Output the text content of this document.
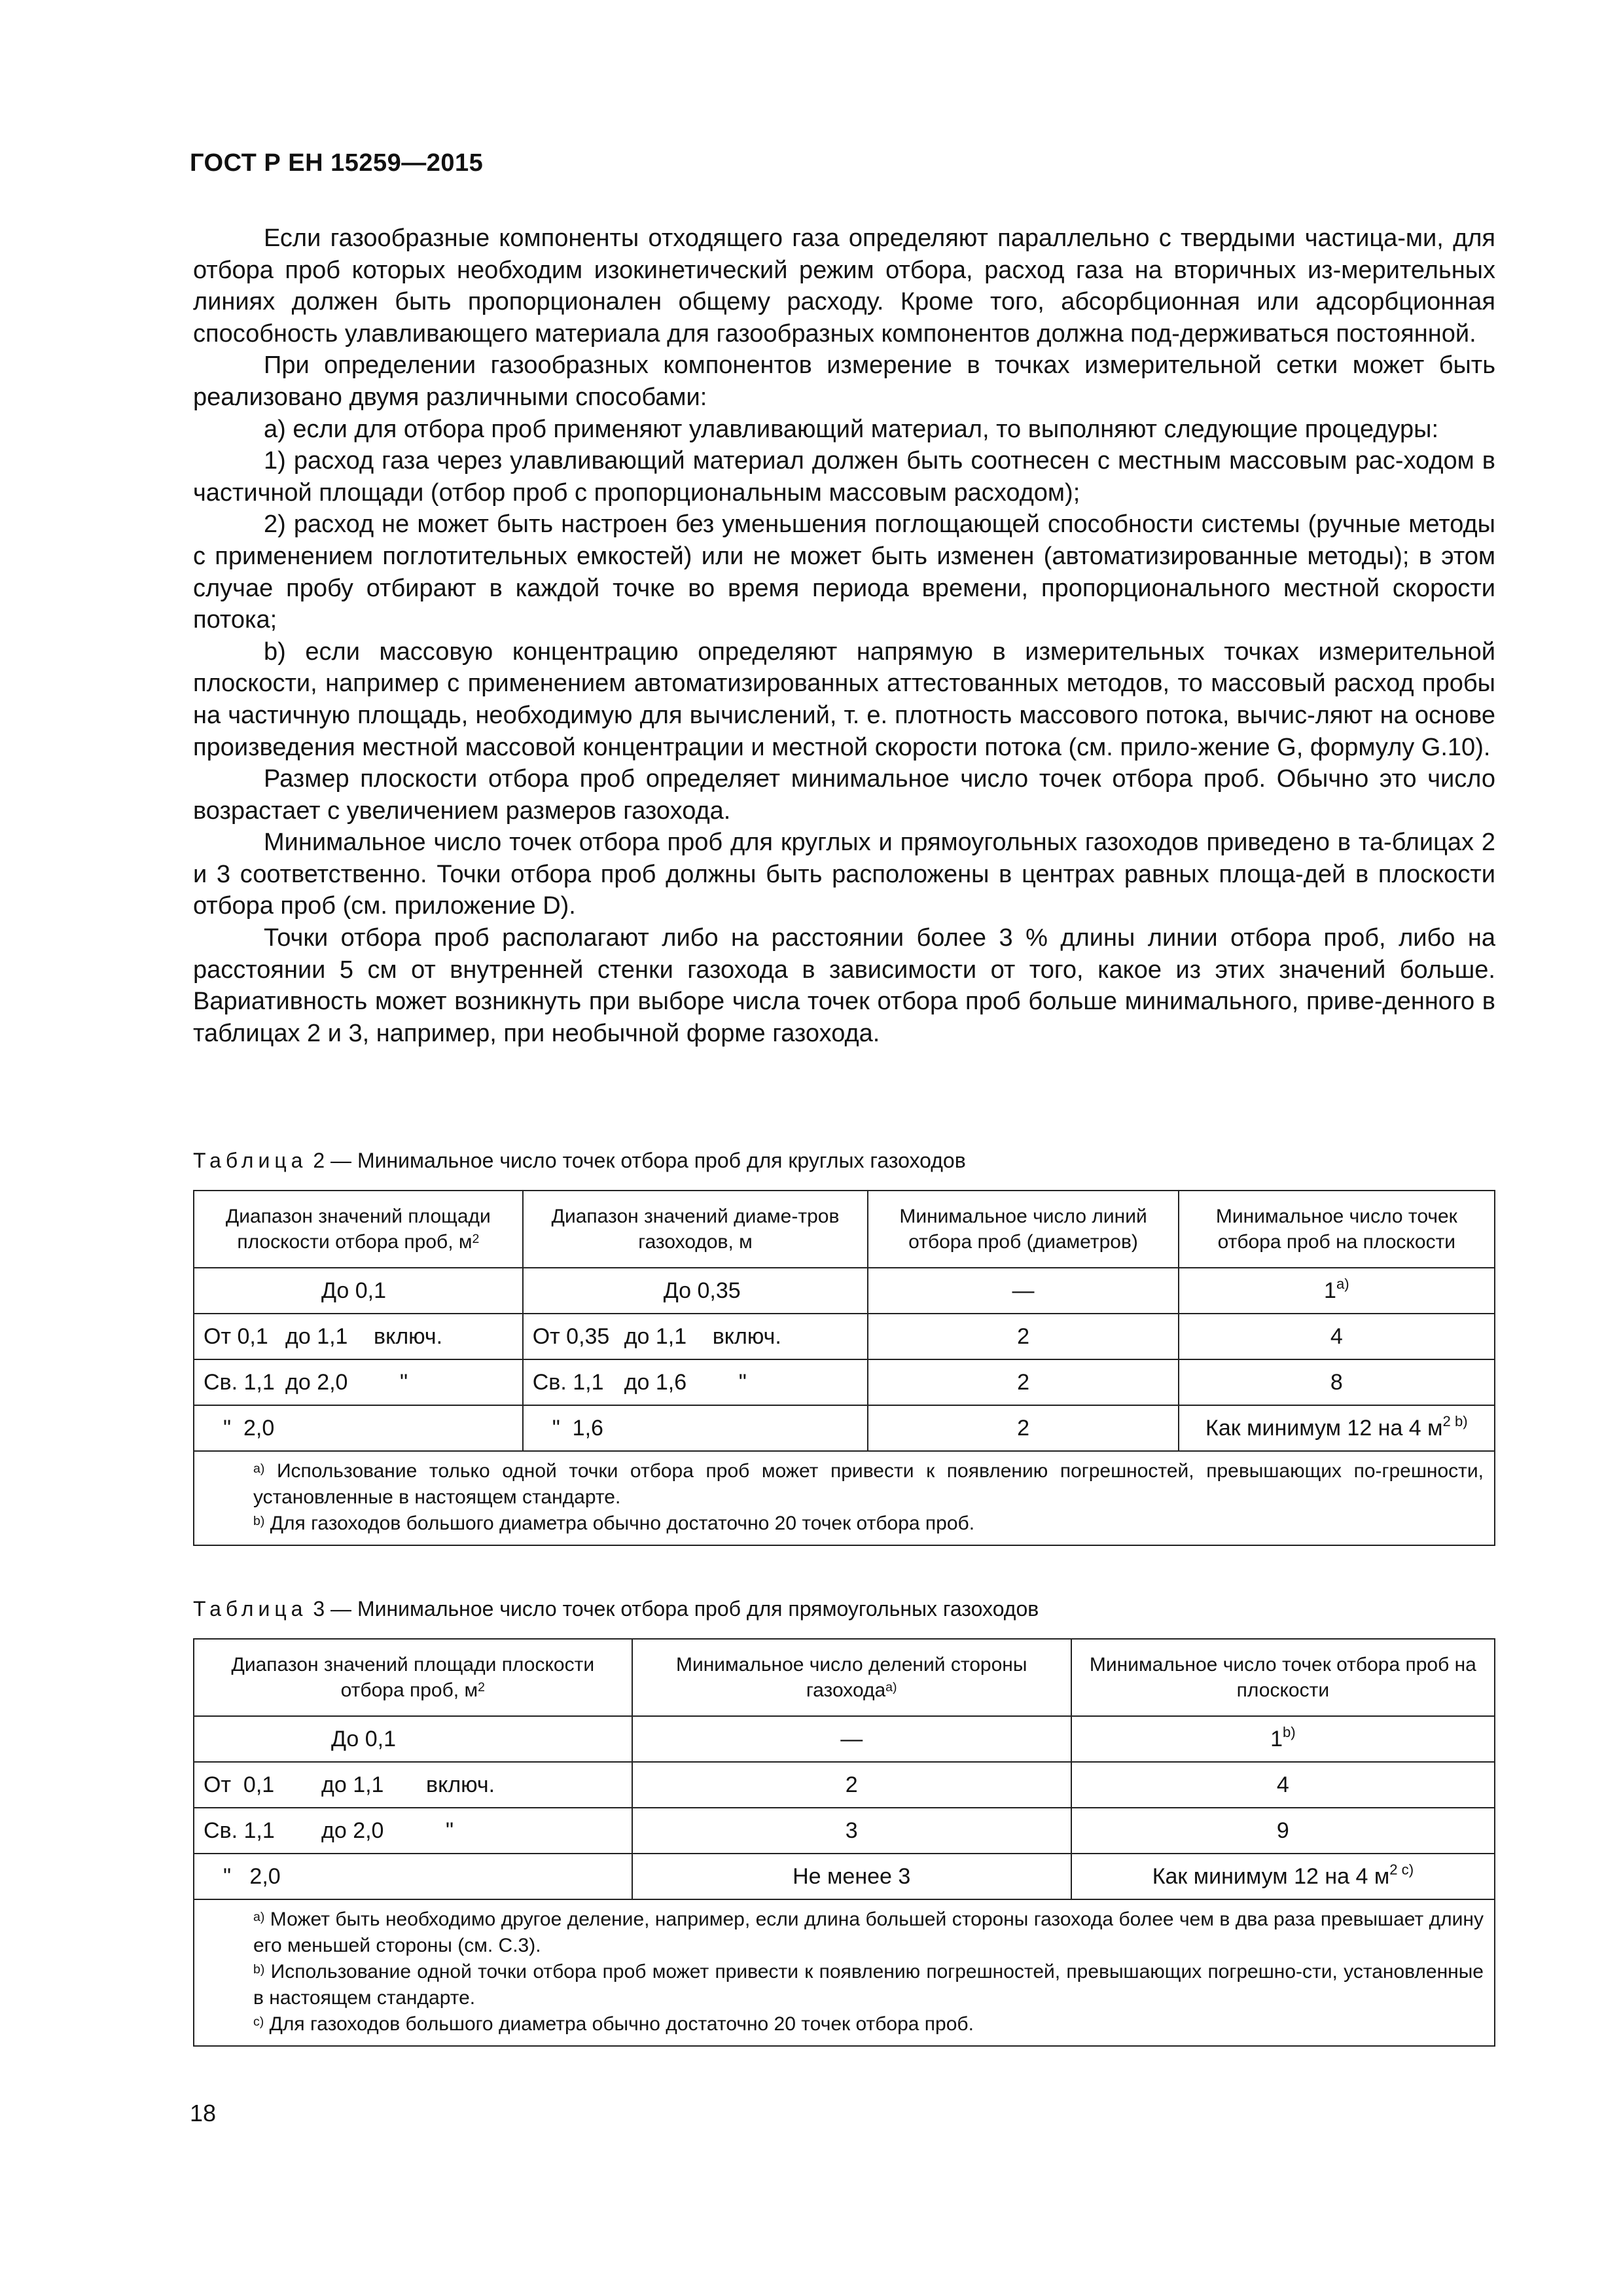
ГОСТ Р ЕН 15259—2015

Если газообразные компоненты отходящего газа определяют параллельно с твердыми частица-ми, для отбора проб которых необходим изокинетический режим отбора, расход газа на вторичных из-мерительных линиях должен быть пропорционален общему расходу. Кроме того, абсорбционная или адсорбционная способность улавливающего материала для газообразных компонентов должна под-держиваться постоянной.

При определении газообразных компонентов измерение в точках измерительной сетки может быть реализовано двумя различными способами:

а) если для отбора проб применяют улавливающий материал, то выполняют следующие процедуры:

1) расход газа через улавливающий материал должен быть соотнесен с местным массовым рас-ходом в частичной площади (отбор проб с пропорциональным массовым расходом);

2) расход не может быть настроен без уменьшения поглощающей способности системы (ручные методы с применением поглотительных емкостей) или не может быть изменен (автоматизированные методы); в этом случае пробу отбирают в каждой точке во время периода времени, пропорционального местной скорости потока;

b) если массовую концентрацию определяют напрямую в измерительных точках измерительной плоскости, например с применением автоматизированных аттестованных методов, то массовый расход пробы на частичную площадь, необходимую для вычислений, т. е. плотность массового потока, вычис-ляют на основе произведения местной массовой концентрации и местной скорости потока (см. прило-жение G, формулу G.10).

Размер плоскости отбора проб определяет минимальное число точек отбора проб. Обычно это число возрастает с увеличением размеров газохода.

Минимальное число точек отбора проб для круглых и прямоугольных газоходов приведено в та-блицах 2 и 3 соответственно. Точки отбора проб должны быть расположены в центрах равных площа-дей в плоскости отбора проб (см. приложение D).

Точки отбора проб располагают либо на расстоянии более 3 % длины линии отбора проб, либо на расстоянии 5 см от внутренней стенки газохода в зависимости от того, какое из этих значений больше. Вариативность может возникнуть при выборе числа точек отбора проб больше минимального, приве-денного в таблицах 2 и 3, например, при необычной форме газохода.

Таблица 2 — Минимальное число точек отбора проб для круглых газоходов
Диапазон значений площади плоскости отбора проб, $м^2$	Диапазон значений диаме-тров газоходов, м	Минимальное число линий отбора проб (диаметров)	Минимальное число точек отбора проб на плоскости

До 0,1	До 0,35	—	1$^{a)}$

От 0,1 до 1,1 включ.	От 0,35 до 1,1 включ.	2	4

Св. 1,1 до 2,0 "	Св. 1,1 до 1,6 "	2	8

"  2,0	"  1,6	2	Как минимум 12 на 4 $м^{2 b)}$

$^{a)}$ Использование только одной точки отбора проб может привести к появлению погрешностей, превышающих по-грешности, установленные в настоящем стандарте.

$^{b)}$ Для газоходов большого диаметра обычно достаточно 20 точек отбора проб.			

Таблица 3 — Минимальное число точек отбора проб для прямоугольных газоходов
Диапазон значений площади плоскости отбора проб, $м^2$	Минимальное число делений стороны газохода$^{a)}$	Минимальное число точек отбора проб на плоскости

До 0,1	—	1$^{b)}$

От  0,1 до 1,1 включ.	2	4

Св. 1,1 до 2,0 "	3	9

"   2,0	Не менее 3	Как минимум 12 на 4 $м^{2 c)}$

$^{a)}$ Может быть необходимо другое деление, например, если длина большей стороны газохода более чем в два раза превышает длину его меньшей стороны (см. С.3).

$^{b)}$ Использование одной точки отбора проб может привести к появлению погрешностей, превышающих погрешно-сти, установленные в настоящем стандарте.

$^{c)}$ Для газоходов большого диаметра обычно достаточно 20 точек отбора проб.		

18
